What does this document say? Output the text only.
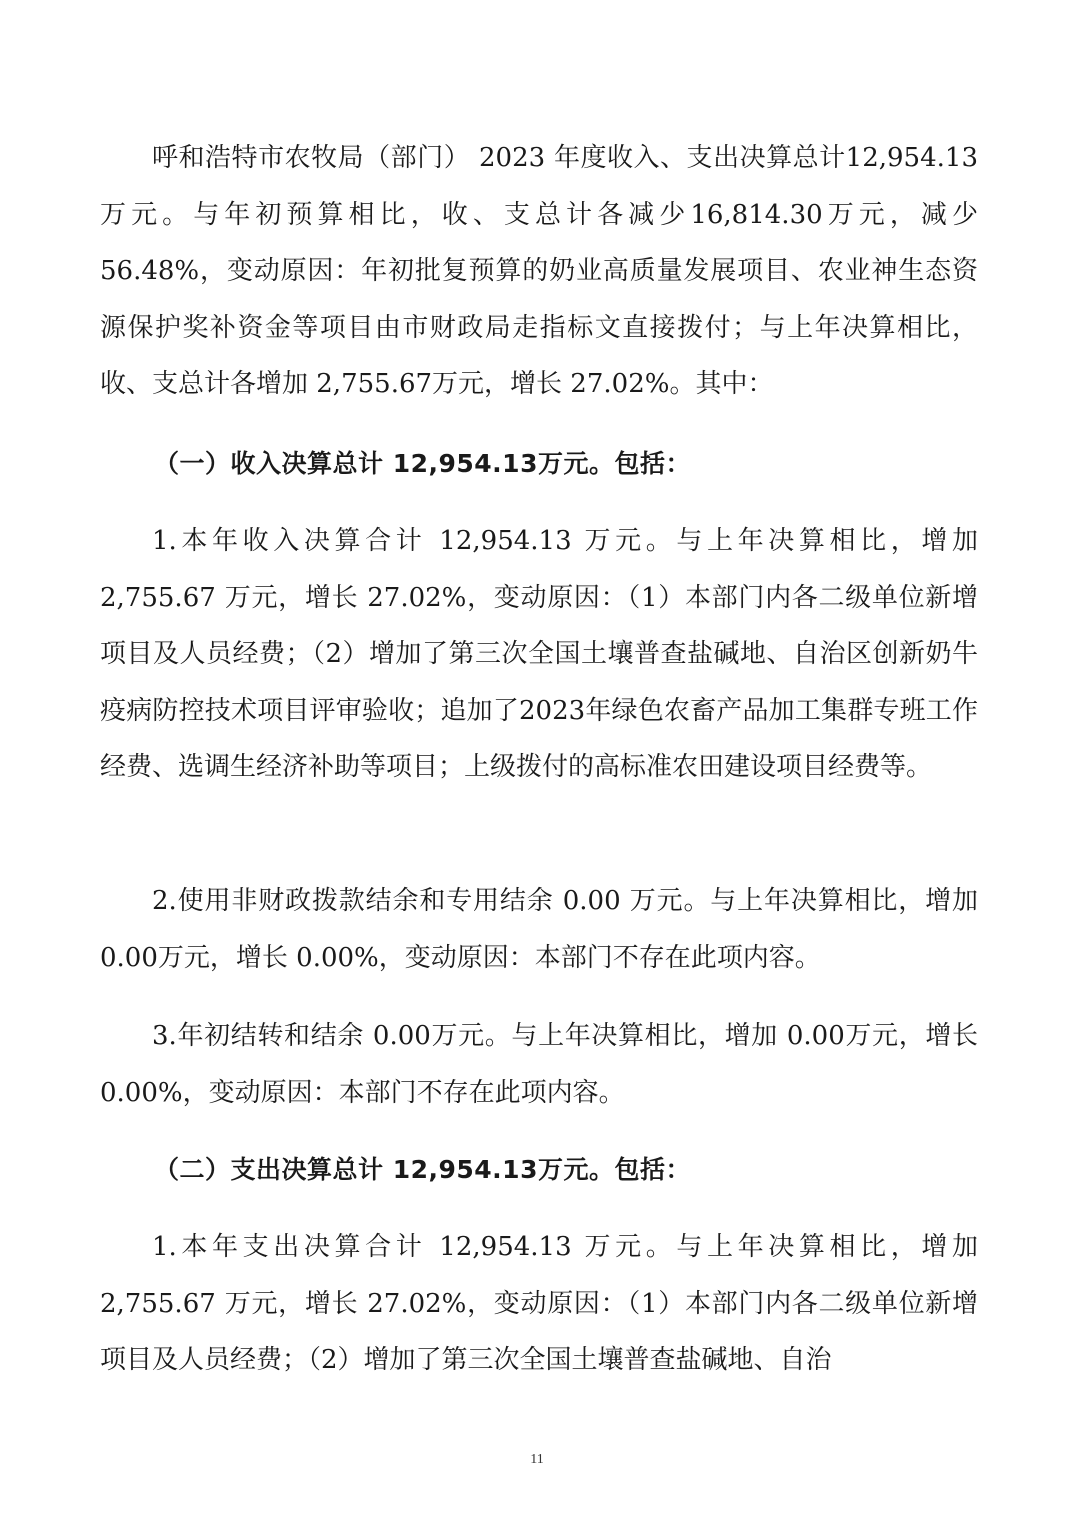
呼和浩特市农牧局（部门） 2023 年度收入、支出决算总计12,954.13万元。与年初预算相比，收、支总计各减少16,814.30万元，减少 56.48%，变动原因：年初批复预算的奶业高质量发展项目、农业神生态资源保护奖补资金等项目由市财政局走指标文直接拨付；与上年决算相比，收、支总计各增加 2,755.67万元，增长 27.02%。其中：

（一）收入决算总计 12,954.13万元。包括：

1.本年收入决算合计 12,954.13 万元。与上年决算相比，增加2,755.67 万元，增长 27.02%，变动原因：（1）本部门内各二级单位新增项目及人员经费；（2）增加了第三次全国土壤普查盐碱地、自治区创新奶牛疫病防控技术项目评审验收；追加了2023年绿色农畜产品加工集群专班工作经费、选调生经济补助等项目；上级拨付的高标准农田建设项目经费等。

2.使用非财政拨款结余和专用结余 0.00 万元。与上年决算相比，增加0.00万元，增长 0.00%，变动原因：本部门不存在此项内容。

3.年初结转和结余 0.00万元。与上年决算相比，增加 0.00万元，增长0.00%，变动原因：本部门不存在此项内容。

（二）支出决算总计 12,954.13万元。包括：

1.本年支出决算合计 12,954.13 万元。与上年决算相比，增加2,755.67 万元，增长 27.02%，变动原因：（1）本部门内各二级单位新增项目及人员经费；（2）增加了第三次全国土壤普查盐碱地、自治

11
